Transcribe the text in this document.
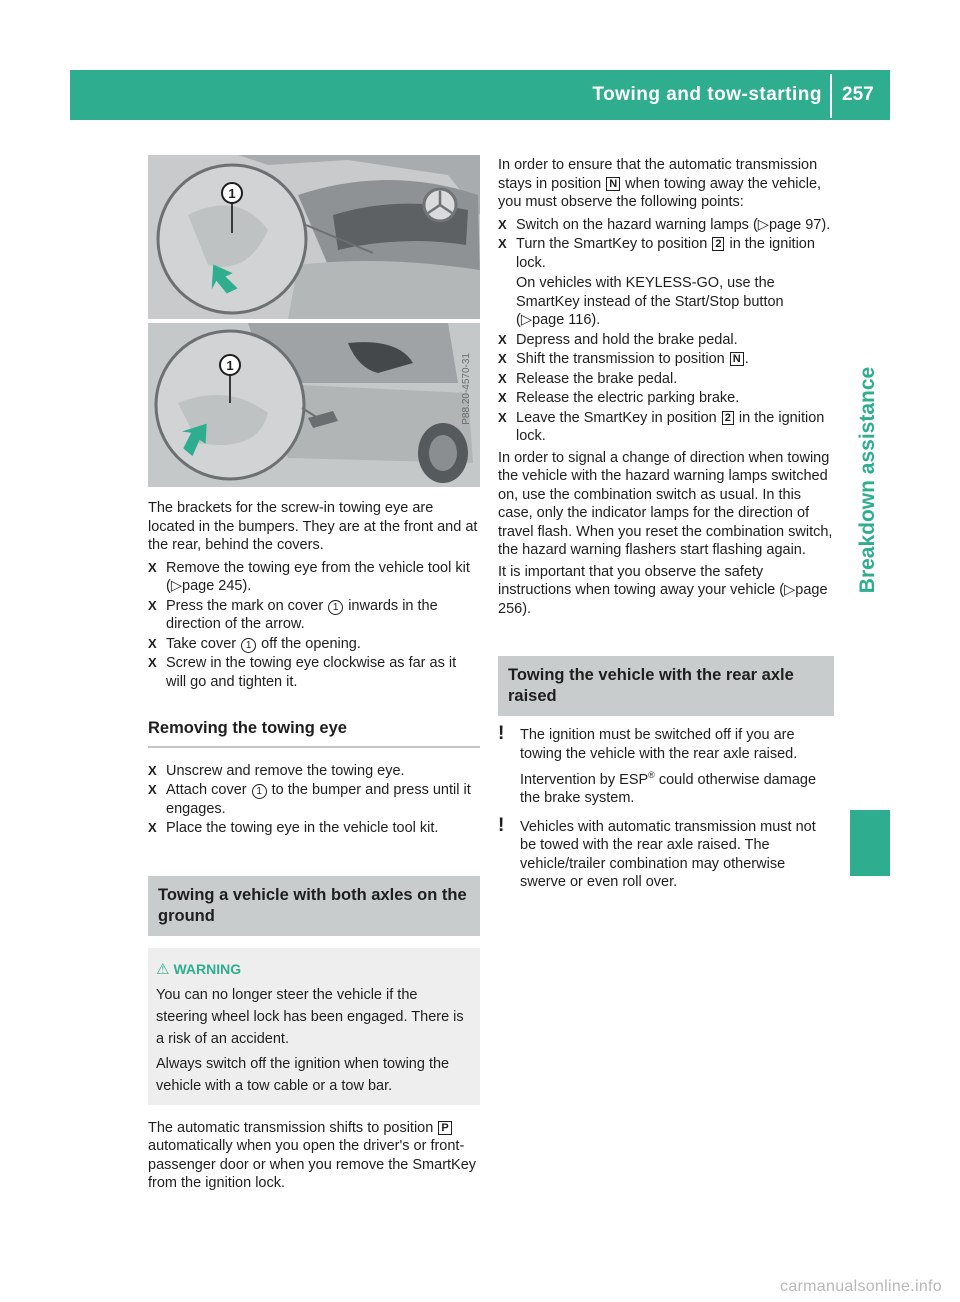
Towing and tow-starting 257
Breakdown assistance
1
1	P88.20-4570-31

The brackets for the screw-in towing eye are located in the bumpers. They are at the front and at the rear, behind the covers.

X Remove the towing eye from the vehicle tool kit (▷page 245).
X Press the mark on cover 1 inwards in the direction of the arrow.
X Take cover 1 off the opening.
X Screw in the towing eye clockwise as far as it will go and tighten it.
Removing the towing eye
X Unscrew and remove the towing eye.
X Attach cover 1 to the bumper and press until it engages.
X Place the towing eye in the vehicle tool kit.
Towing a vehicle with both axles on the ground
⚠ WARNING

You can no longer steer the vehicle if the steering wheel lock has been engaged. There is a risk of an accident.

Always switch off the ignition when towing the vehicle with a tow cable or a tow bar.

The automatic transmission shifts to position P automatically when you open the driver's or front-passenger door or when you remove the SmartKey from the ignition lock.

In order to ensure that the automatic transmission stays in position N when towing away the vehicle, you must observe the following points:

X Switch on the hazard warning lamps (▷page 97).
X Turn the SmartKey to position 2 in the ignition lock.

On vehicles with KEYLESS-GO, use the SmartKey instead of the Start/Stop button (▷page 116).

X Depress and hold the brake pedal.
X Shift the transmission to position N .
X Release the brake pedal.
X Release the electric parking brake.
X Leave the SmartKey in position 2 in the ignition lock.

In order to signal a change of direction when towing the vehicle with the hazard warning lamps switched on, use the combination switch as usual. In this case, only the indicator lamps for the direction of travel flash. When you reset the combination switch, the hazard warning flashers start flashing again.

It is important that you observe the safety instructions when towing away your vehicle (▷page 256).

Towing the vehicle with the rear axle raised
! The ignition must be switched off if you are towing the vehicle with the rear axle raised.

Intervention by ESP® could otherwise damage the brake system.

! Vehicles with automatic transmission must not be towed with the rear axle raised. The vehicle/trailer combination may otherwise swerve or even roll over.

carmanualsonline.info
